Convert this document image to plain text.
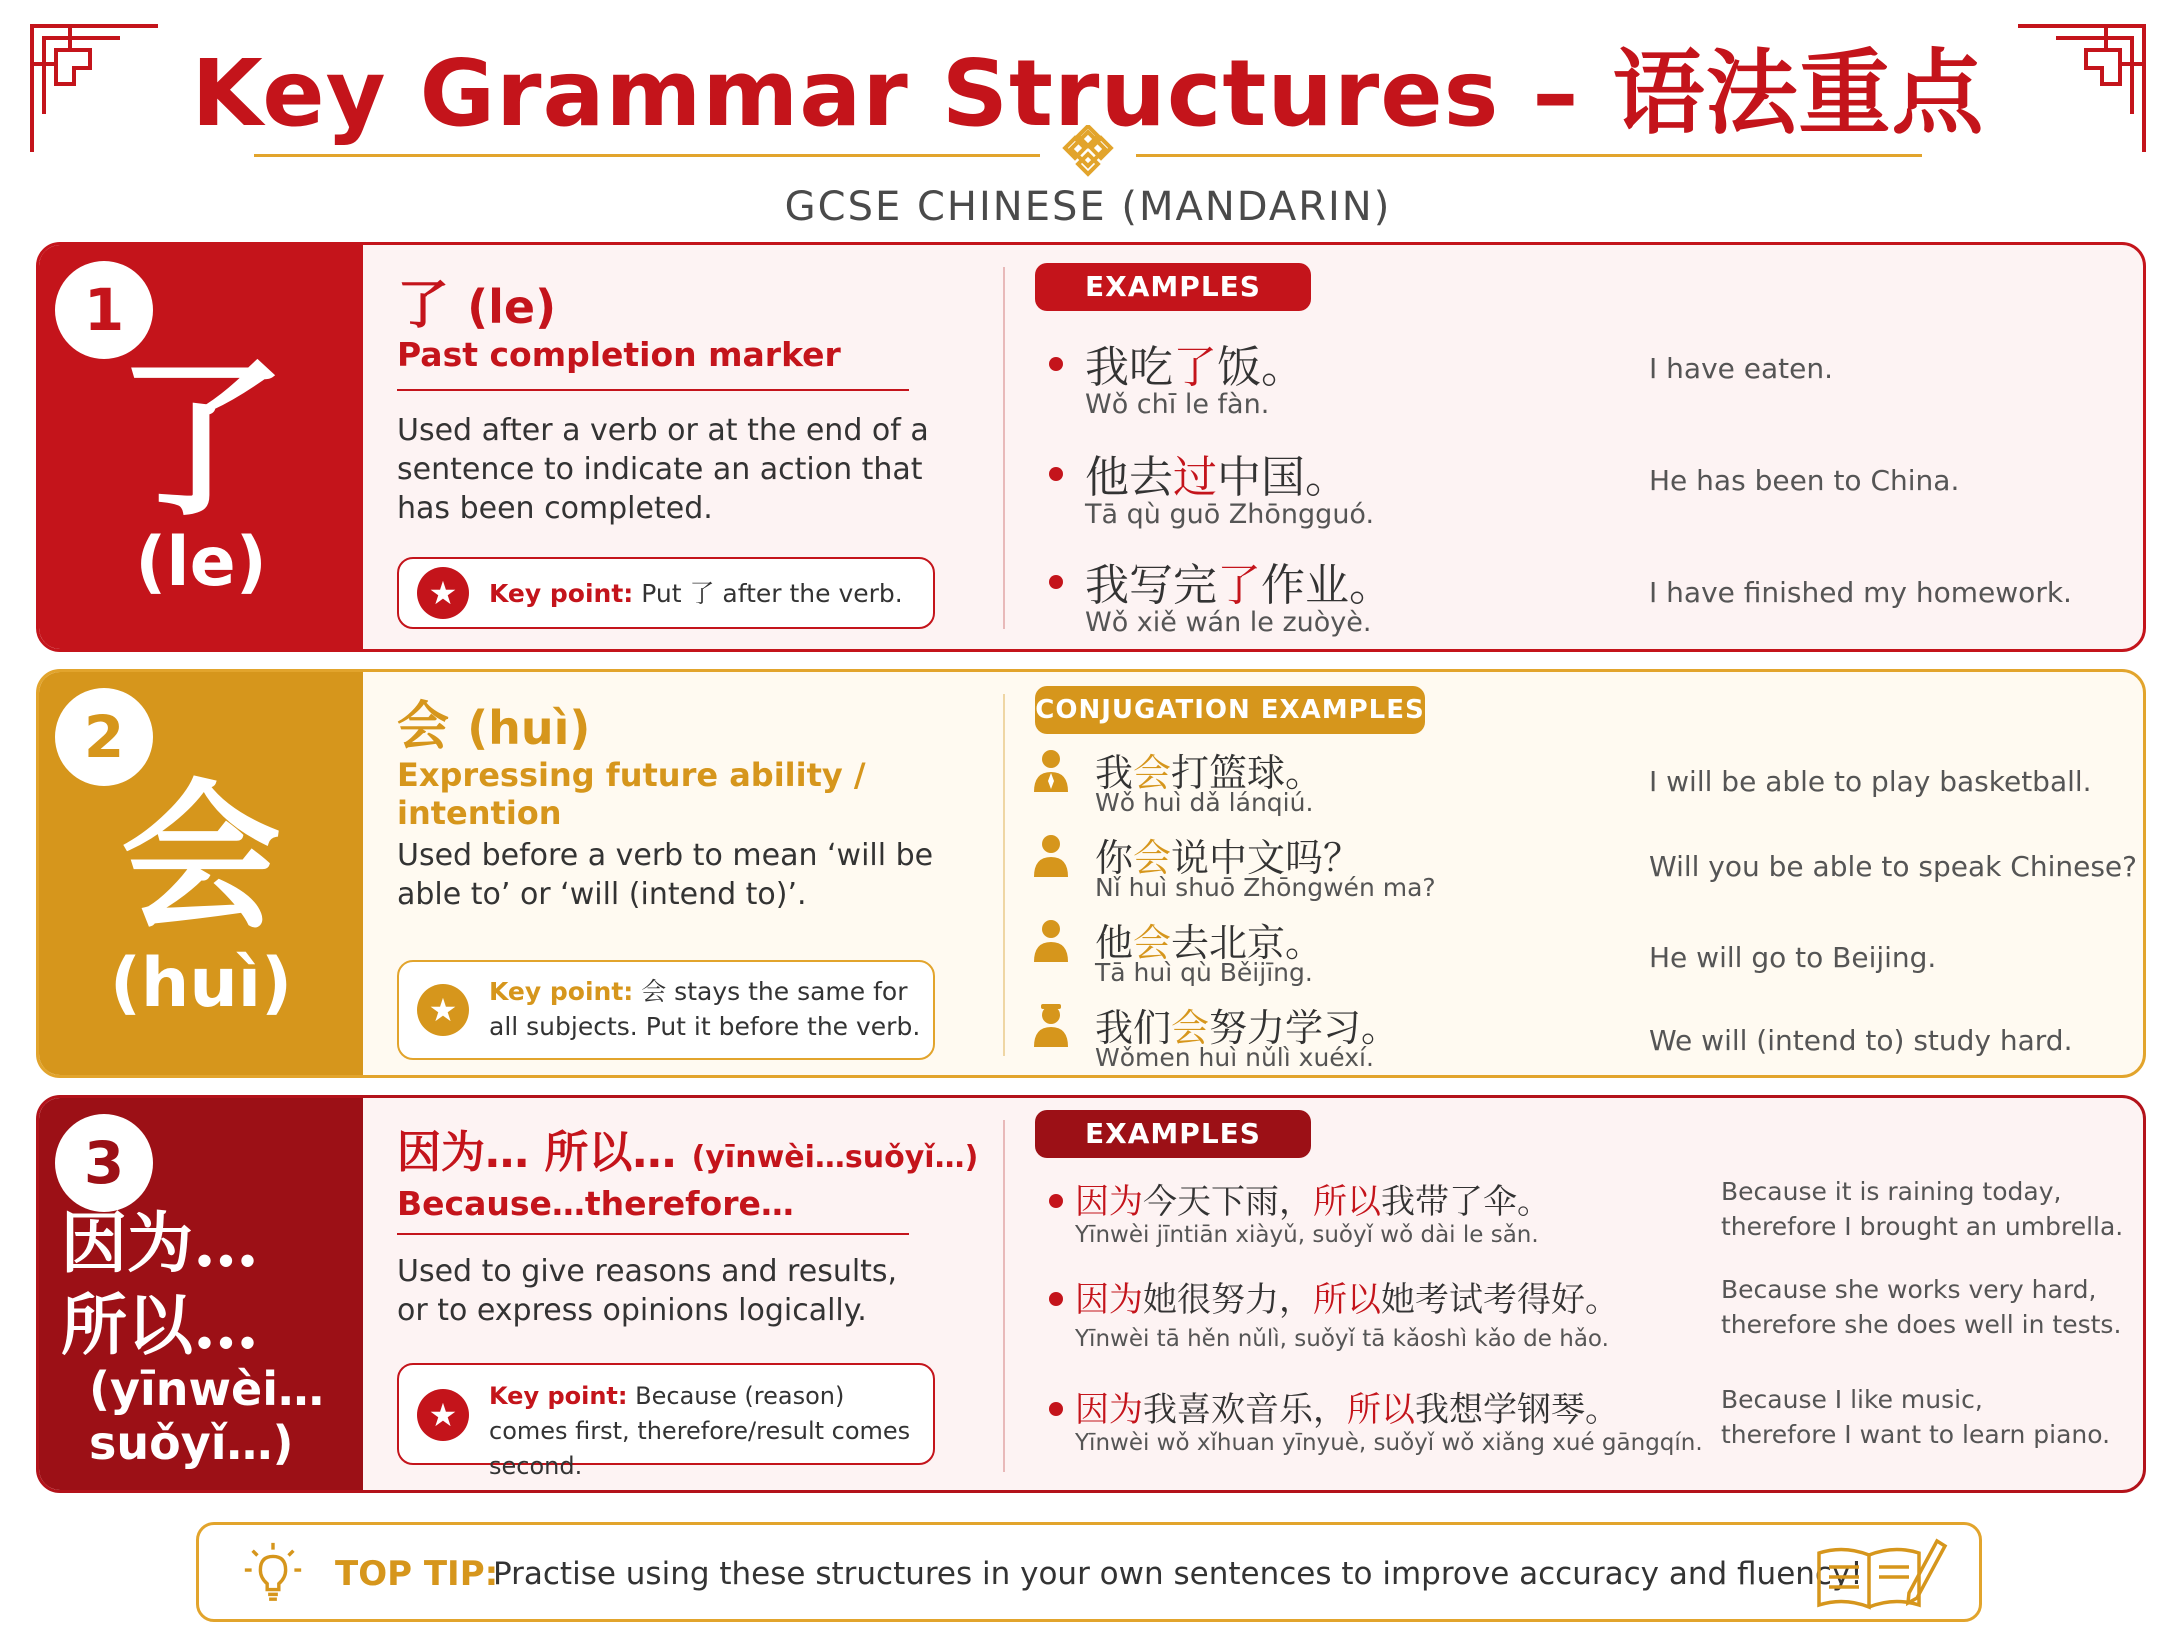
Key Grammar Structures – 语法重点
GCSE CHINESE (MANDARIN)
1
了
(le)
了 (le)
Past completion marker
Used after a verb or at the end of a sentence to indicate an action that has been completed.
★	Key point: Put 了 after the verb.
EXAMPLES
我吃了饭。
Wǒ chī le fàn.
I have eaten.
他去过中国。
Tā qù guō Zhōngguó.
He has been to China.
我写完了作业。
Wǒ xiě wán le zuòyè.
I have finished my homework.
2
会
(huì)
会 (huì)
Expressing future ability / intention
Used before a verb to mean ‘will be able to’ or ‘will (intend to)’.
★	Key point: 会 stays the same for all subjects. Put it before the verb.
CONJUGATION EXAMPLES
我会打篮球。
Wǒ huì dǎ lánqiú.
I will be able to play basketball.
你会说中文吗？
Nǐ huì shuō Zhōngwén ma?
Will you be able to speak Chinese?
他会去北京。
Tā huì qù Běijīng.	He will go to Beijing.
我们会努力学习。
Wǒmen huì nǔlì xuéxí.
We will (intend to) study hard.
3
因为…
所以…
(yīnwèi…
suǒyǐ…)
因为… 所以… (yīnwèi…suǒyǐ…)
Because…therefore…
Used to give reasons and results, or to express opinions logically.
★	Key point: Because (reason) comes first, therefore/result comes second.
EXAMPLES
因为今天下雨，所以我带了伞。
Yīnwèi jīntiān xiàyǔ, suǒyǐ wǒ dài le sǎn.
Because it is raining today,
therefore I brought an umbrella.
因为她很努力，所以她考试考得好。
Yīnwèi tā hěn nǔlì, suǒyǐ tā kǎoshì kǎo de hǎo.
Because she works very hard,
therefore she does well in tests.
因为我喜欢音乐，所以我想学钢琴。
Yīnwèi wǒ xǐhuan yīnyuè, suǒyǐ wǒ xiǎng xué gāngqín.
Because I like music,
therefore I want to learn piano.
TOP TIP:
Practise using these structures in your own sentences to improve accuracy and fluency!
